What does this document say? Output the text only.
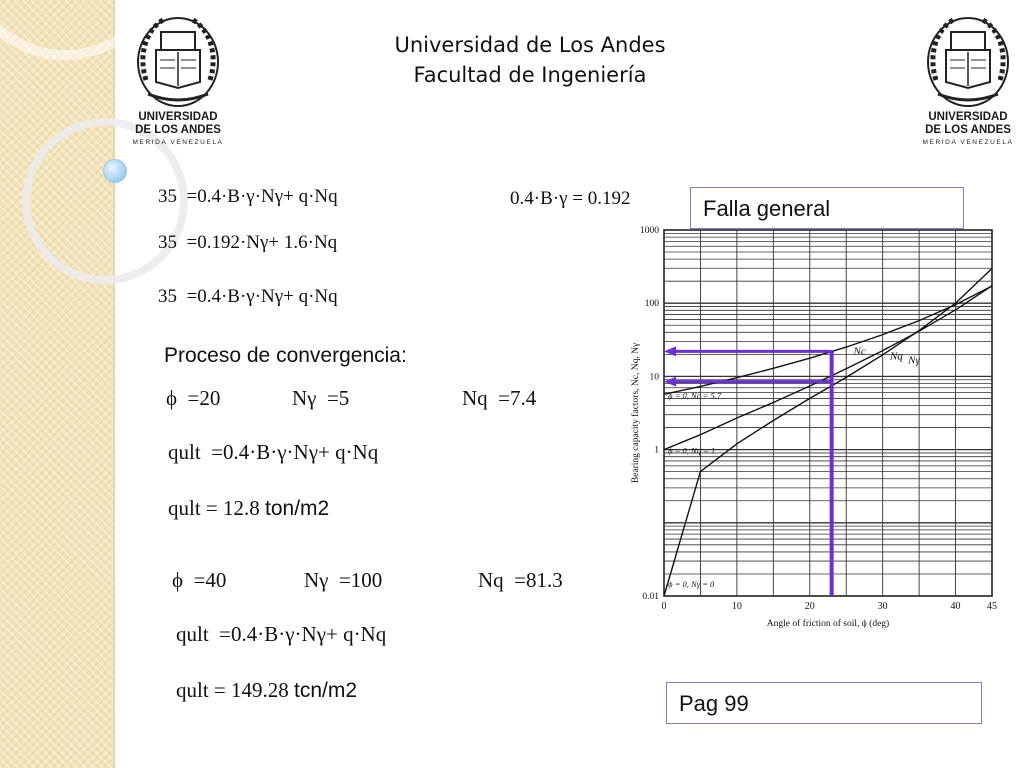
UNIVERSIDAD
DE LOS ANDES
MERIDA VENEZUELA
UNIVERSIDAD
DE LOS ANDES
MERIDA VENEZUELA
Universidad de Los Andes
Facultad de Ingeniería
35  =0.4·B·γ·Nγ+ q·Nq	0.4·B·γ = 0.192
35  =0.192·Nγ+ 1.6·Nq
35  =0.4·B·γ·Nγ+ q·Nq
Proceso de convergencia:
ϕ  =20	Nγ  =5	Nq  =7.4
qult  =0.4·B·γ·Nγ+ q·Nq
qult = 12.8 ton/m2
ϕ  =40	Nγ  =100	Nq  =81.3
qult  =0.4·B·γ·Nγ+ q·Nq
qult = 149.28 tcn/m2
Falla general
Pag 99
0	10	20	30	40	45
0.01
1
10
100
1000
Angle of friction of soil, ϕ (deg)
Bearing capacity factors, Nc, Nq, Nγ	ϕ = 0, Nc = 5.7
ϕ = 0, Nq = 1
ϕ = 0, Nγ = 0
Nc Nq Nγ
